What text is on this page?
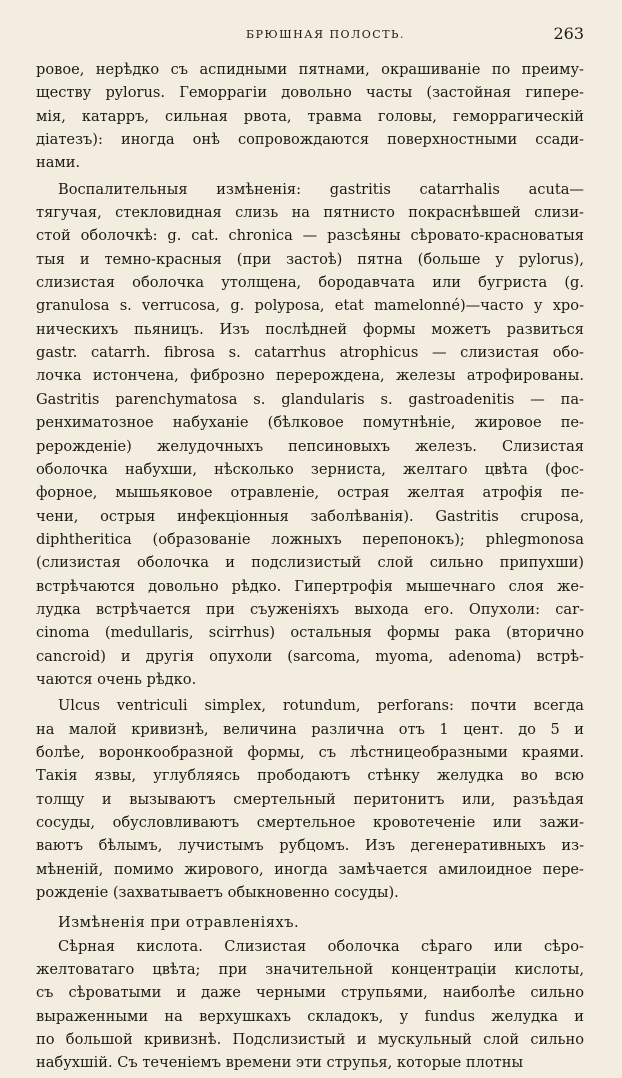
БРЮШНАЯ ПОЛОСТЬ.	263
ровое, нерѣдко съ аспидными пятнами, окрашиваніе по преиму-
ществу pylorus. Геморрагіи довольно часты (застойная гипере-
мія, катарръ, сильная рвота, травма головы, геморрагическій
діатезъ): иногда онѣ сопровождаются поверхностными ссади-
нами.
Воспалительныя измѣненія: gastritis catarrhalis acuta—
тягучая, стекловидная слизь на пятнисто покраснѣвшей слизи-
стой оболочкѣ: g. cat. chronica — разсѣяны сѣровато-красноватыя
тыя и темно-красныя (при застоѣ) пятна (больше у pylorus),
слизистая оболочка утолщена, бородавчата или бугриста (g.
granulosa s. verrucosa, g. polyposa, etat mamelonné)—часто у хро-
ническихъ пьяницъ. Изъ послѣдней формы можетъ развиться
gastr. catarrh. fibrosa s. catarrhus atrophicus — слизистая обо-
лочка истончена, фиброзно перерождена, железы атрофированы.
Gastritis parenchymatosa s. glandularis s. gastroadenitis — па-
ренхиматозное набуханіе (бѣлковое помутнѣніе, жировое пе-
рерожденіе) желудочныхъ пепсиновыхъ железъ. Слизистая
оболочка набухши, нѣсколько зерниста, желтаго цвѣта (фос-
форное, мышьяковое отравленіе, острая желтая атрофія пе-
чени, острыя инфекціонныя заболѣванія). Gastritis cruposa,
diphtheritica (образованіе ложныхъ перепонокъ); phlegmonosa
(слизистая оболочка и подслизистый слой сильно припухши)
встрѣчаются довольно рѣдко. Гипертрофія мышечнаго слоя же-
лудка встрѣчается при съуженіяхъ выхода его. Опухоли: car-
cinoma (medullaris, scirrhus) остальныя формы рака (вторично
cancroid) и другія опухоли (sarcoma, myoma, adenoma) встрѣ-
чаются очень рѣдко.
Ulcus ventriculi simplex, rotundum, perforans: почти всегда
на малой кривизнѣ, величина различна отъ 1 цент. до 5 и
болѣе, воронкообразной формы, съ лѣстницеобразными краями.
Такія язвы, углубляясь прободаютъ стѣнку желудка во всю
толщу и вызываютъ смертельный перитонитъ или, разъѣдая
сосуды, обусловливаютъ смертельное кровотеченіе или зажи-
ваютъ бѣлымъ, лучистымъ рубцомъ. Изъ дегенеративныхъ из-
мѣненій, помимо жирового, иногда замѣчается амилоидное пере-
рожденіе (захватываетъ обыкновенно сосуды).
Измѣненія при отравленіяхъ.
Сѣрная кислота. Слизистая оболочка сѣраго или сѣро-
желтоватаго цвѣта; при значительной концентраціи кислоты,
съ сѣроватыми и даже черными струпьями, наиболѣе сильно
выраженными на верхушкахъ складокъ, у fundus желудка и
по большой кривизнѣ. Подслизистый и мускульный слой сильно
набухшій. Съ теченіемъ времени эти струпья, которые плотны
